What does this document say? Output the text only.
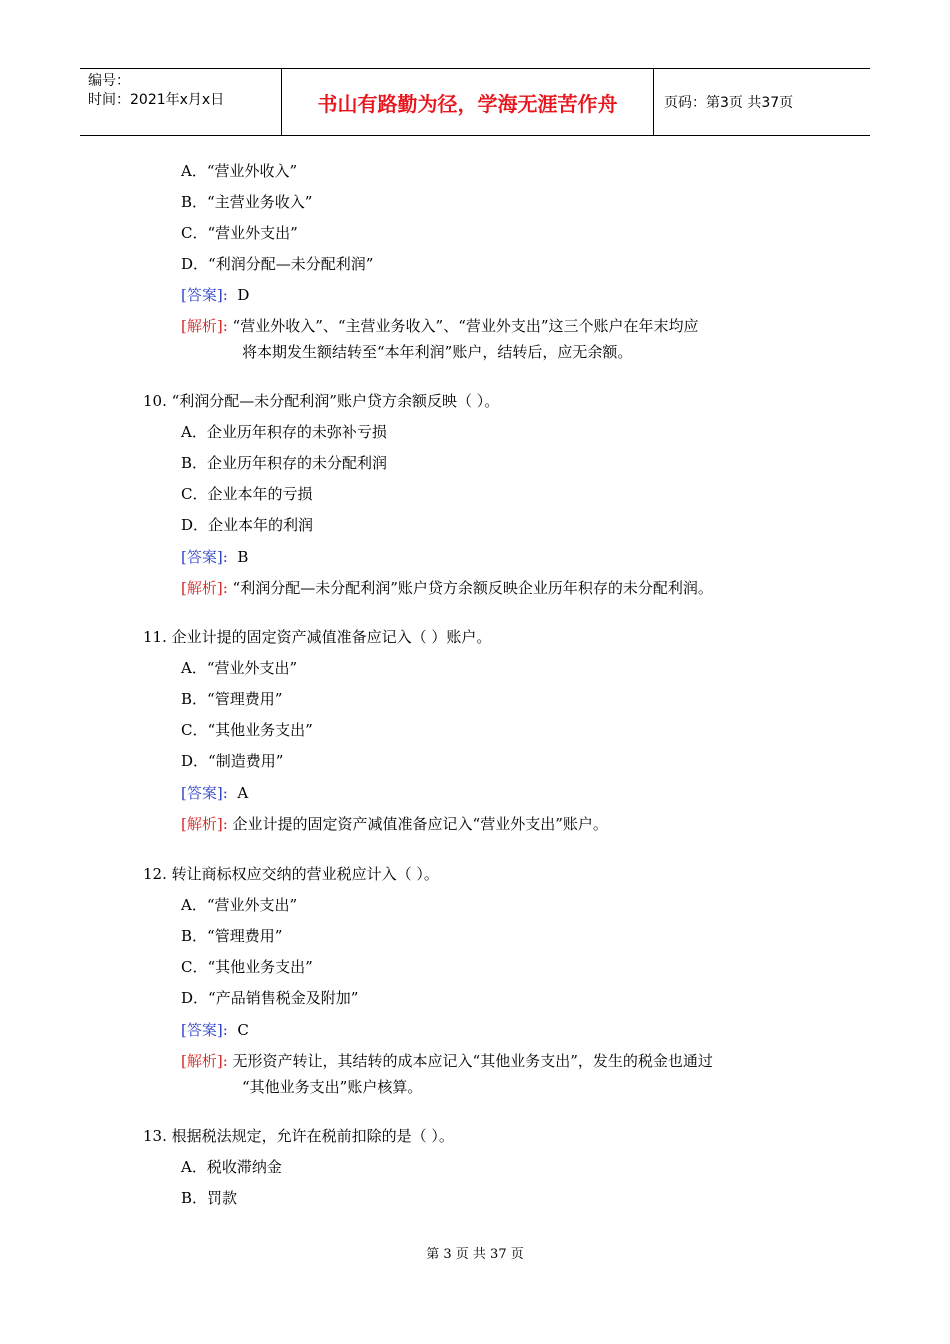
编号：
时间：2021年x月x日	书山有路勤为径，学海无涯苦作舟	页码：第3页 共37页
A．“营业外收入”
B．“主营业务收入”
C．“营业外支出”
D．“利润分配—未分配利润”
[答案]: D
[解析]: “营业外收入”、“主营业务收入”、“营业外支出”这三个账户在年末均应
将本期发生额结转至“本年利润”账户，结转后，应无余额。
10. “利润分配—未分配利润”账户贷方余额反映（ ）。
A．企业历年积存的未弥补亏损
B．企业历年积存的未分配利润
C．企业本年的亏损
D．企业本年的利润
[答案]: B
[解析]: “利润分配—未分配利润”账户贷方余额反映企业历年积存的未分配利润。
11. 企业计提的固定资产减值准备应记入（ ）账户。
A．“营业外支出”
B．“管理费用”
C．“其他业务支出”
D．“制造费用”
[答案]: A
[解析]: 企业计提的固定资产减值准备应记入“营业外支出”账户。
12. 转让商标权应交纳的营业税应计入（ ）。
A．“营业外支出”
B．“管理费用”
C．“其他业务支出”
D．“产品销售税金及附加”
[答案]: C
[解析]: 无形资产转让，其结转的成本应记入“其他业务支出”，发生的税金也通过
“其他业务支出”账户核算。
13. 根据税法规定，允许在税前扣除的是（ ）。
A．税收滞纳金
B．罚款
第 3 页 共 37 页
